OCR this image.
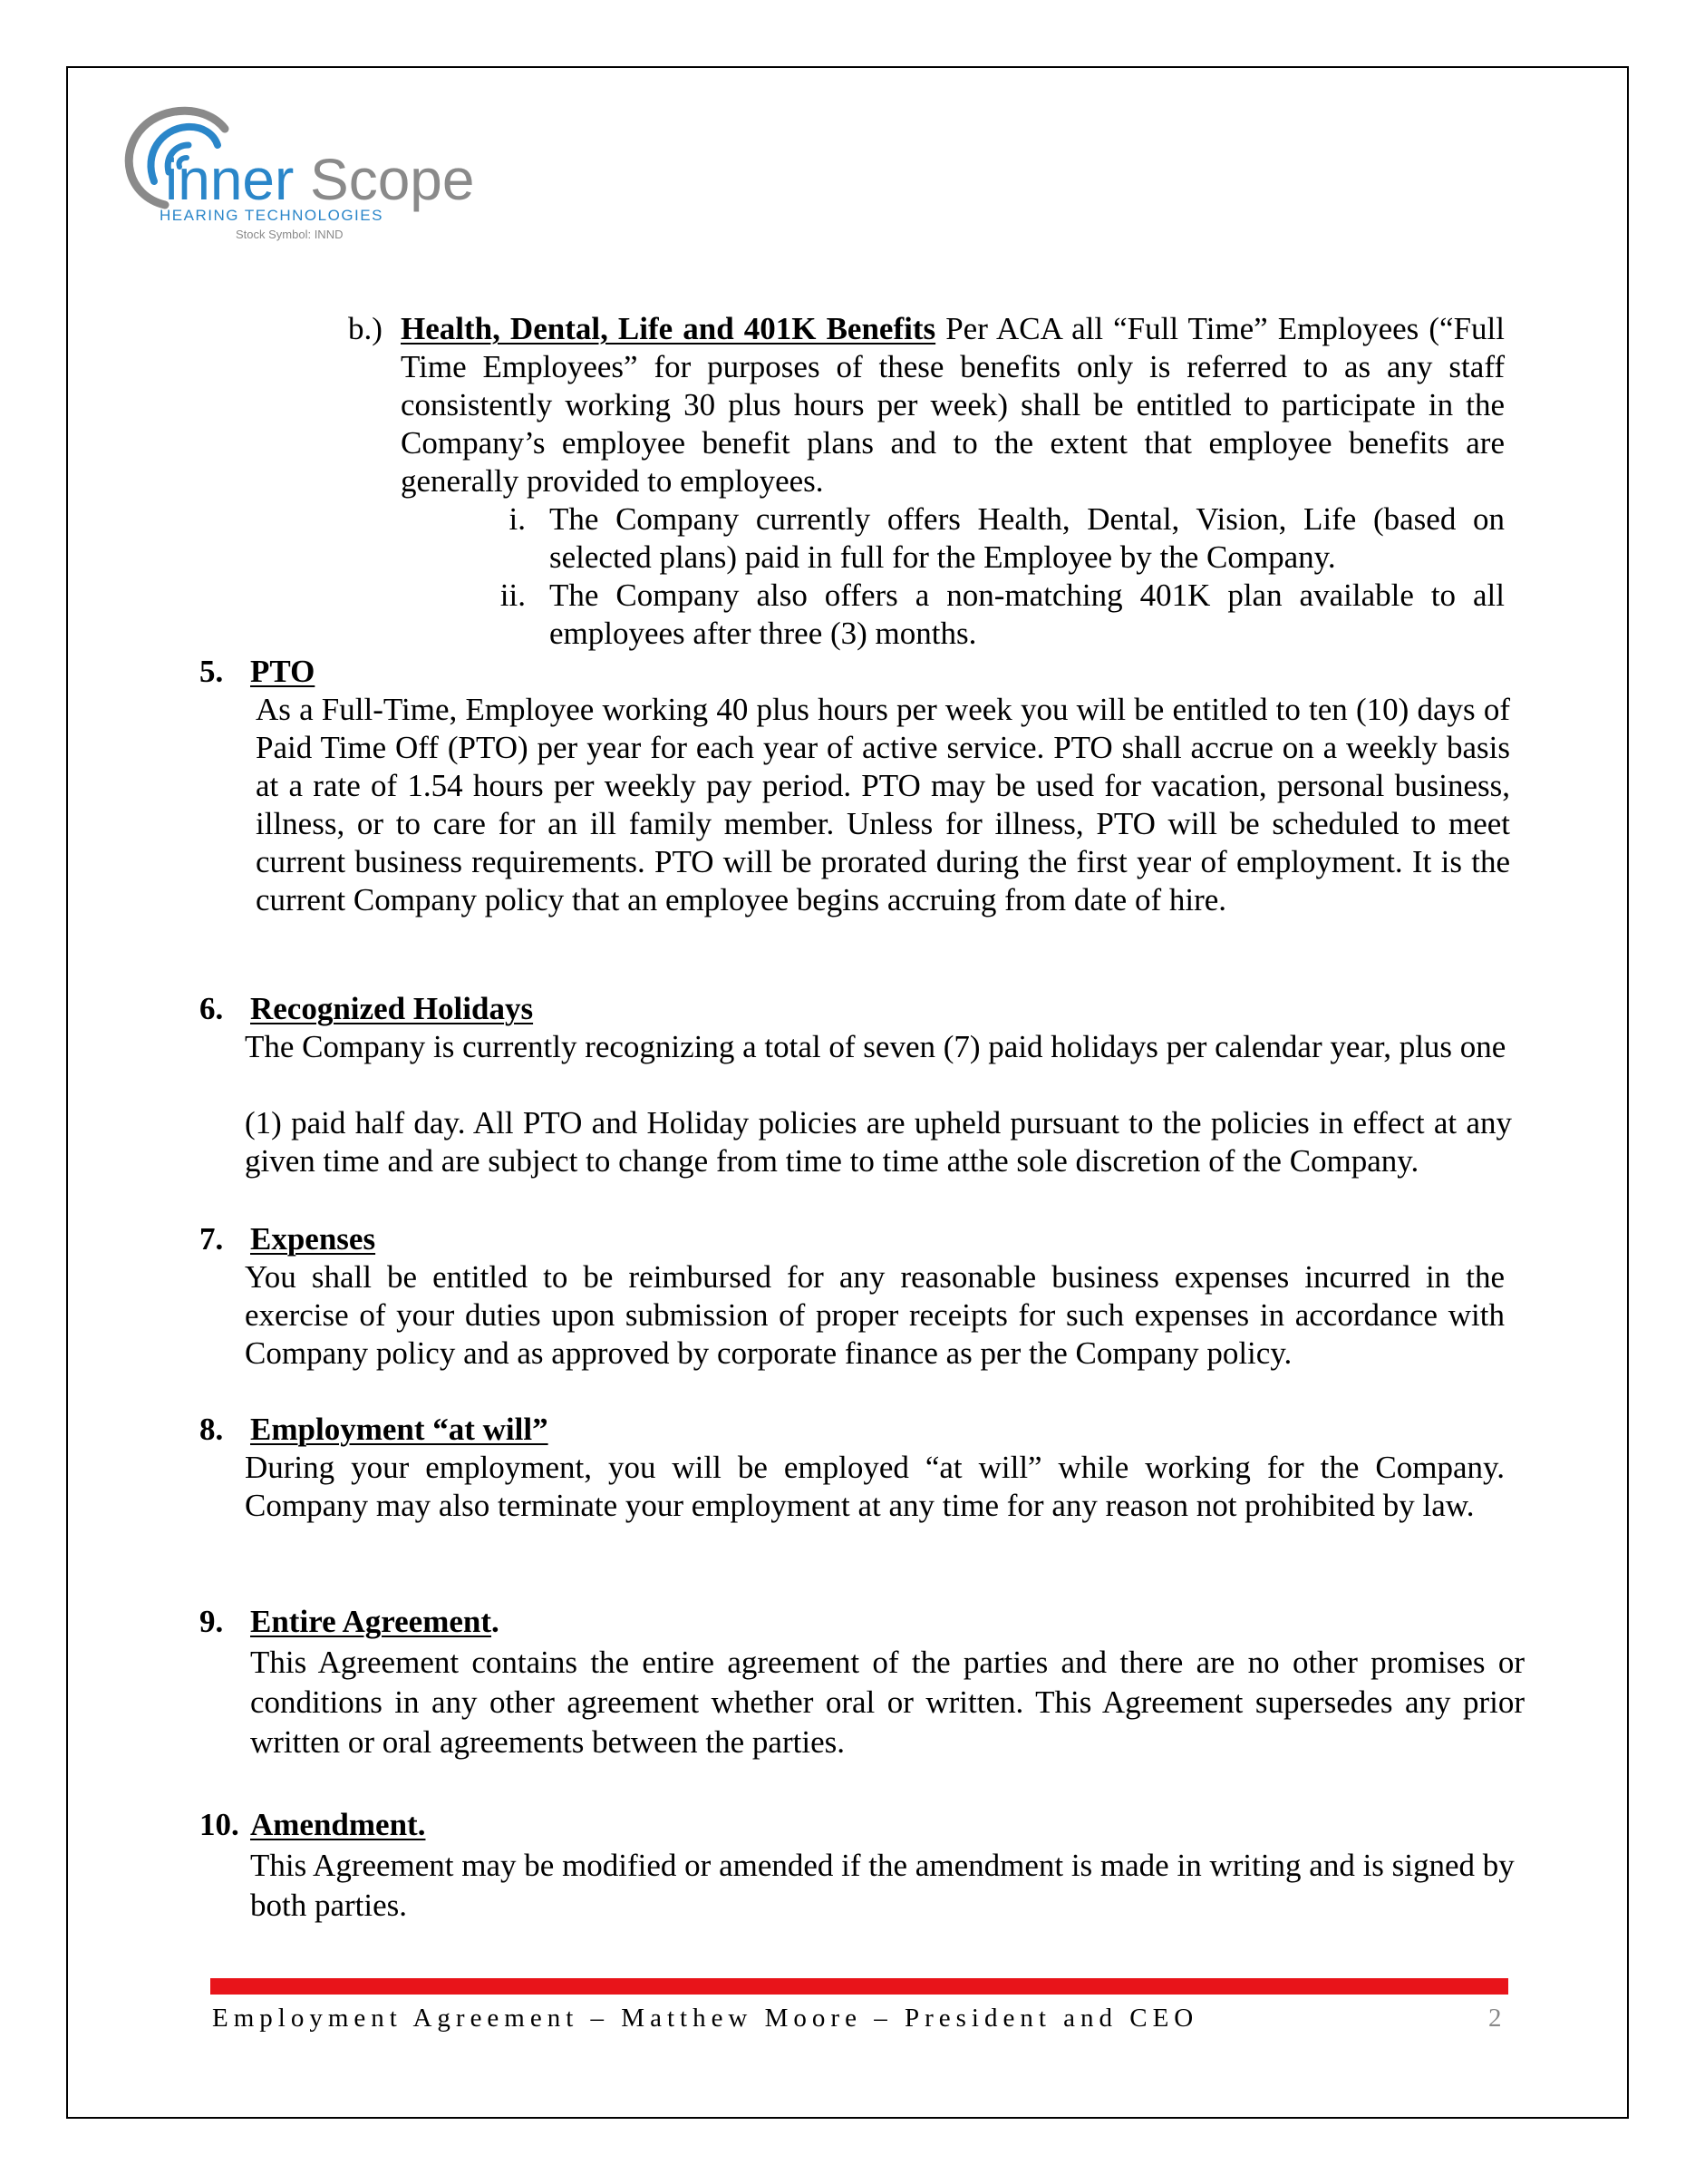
inner Scope
HEARING TECHNOLOGIES
Stock Symbol: INND
b.) Health, Dental, Life and 401K Benefits Per ACA all “Full Time” Employees (“Full Time Employees” for purposes of these benefits only is referred to as any staff consistently working 30 plus hours per week) shall be entitled to participate in the Company’s employee benefit plans and to the extent that employee benefits are generally provided to employees.
i. The Company currently offers Health, Dental, Vision, Life (based on selected plans) paid in full for the Employee by the Company.
ii. The Company also offers a non-matching 401K plan available to all employees after three (3) months.
5. PTO
As a Full-Time, Employee working 40 plus hours per week you will be entitled to ten (10) days of Paid Time Off (PTO) per year for each year of active service. PTO shall accrue on a weekly basis at a rate of 1.54 hours per weekly pay period. PTO may be used for vacation, personal business, illness, or to care for an ill family member. Unless for illness, PTO will be scheduled to meet current business requirements. PTO will be prorated during the first year of employment. It is the current Company policy that an employee begins accruing from date of hire.
6. Recognized Holidays
The Company is currently recognizing a total of seven (7) paid holidays per calendar year, plus one
(1) paid half day. All PTO and Holiday policies are upheld pursuant to the policies in effect at any given time and are subject to change from time to time atthe sole discretion of the Company.
7. Expenses
You shall be entitled to be reimbursed for any reasonable business expenses incurred in the exercise of your duties upon submission of proper receipts for such expenses in accordance with Company policy and as approved by corporate finance as per the Company policy.
8. Employment “at will”
During your employment, you will be employed “at will” while working for the Company. Company may also terminate your employment at any time for any reason not prohibited by law.
9. Entire Agreement.
This Agreement contains the entire agreement of the parties and there are no other promises or conditions in any other agreement whether oral or written. This Agreement supersedes any prior written or oral agreements between the parties.
10. Amendment.
This Agreement may be modified or amended if the amendment is made in writing and is signed by both parties.
Employment Agreement – Matthew Moore – President and CEO	2
